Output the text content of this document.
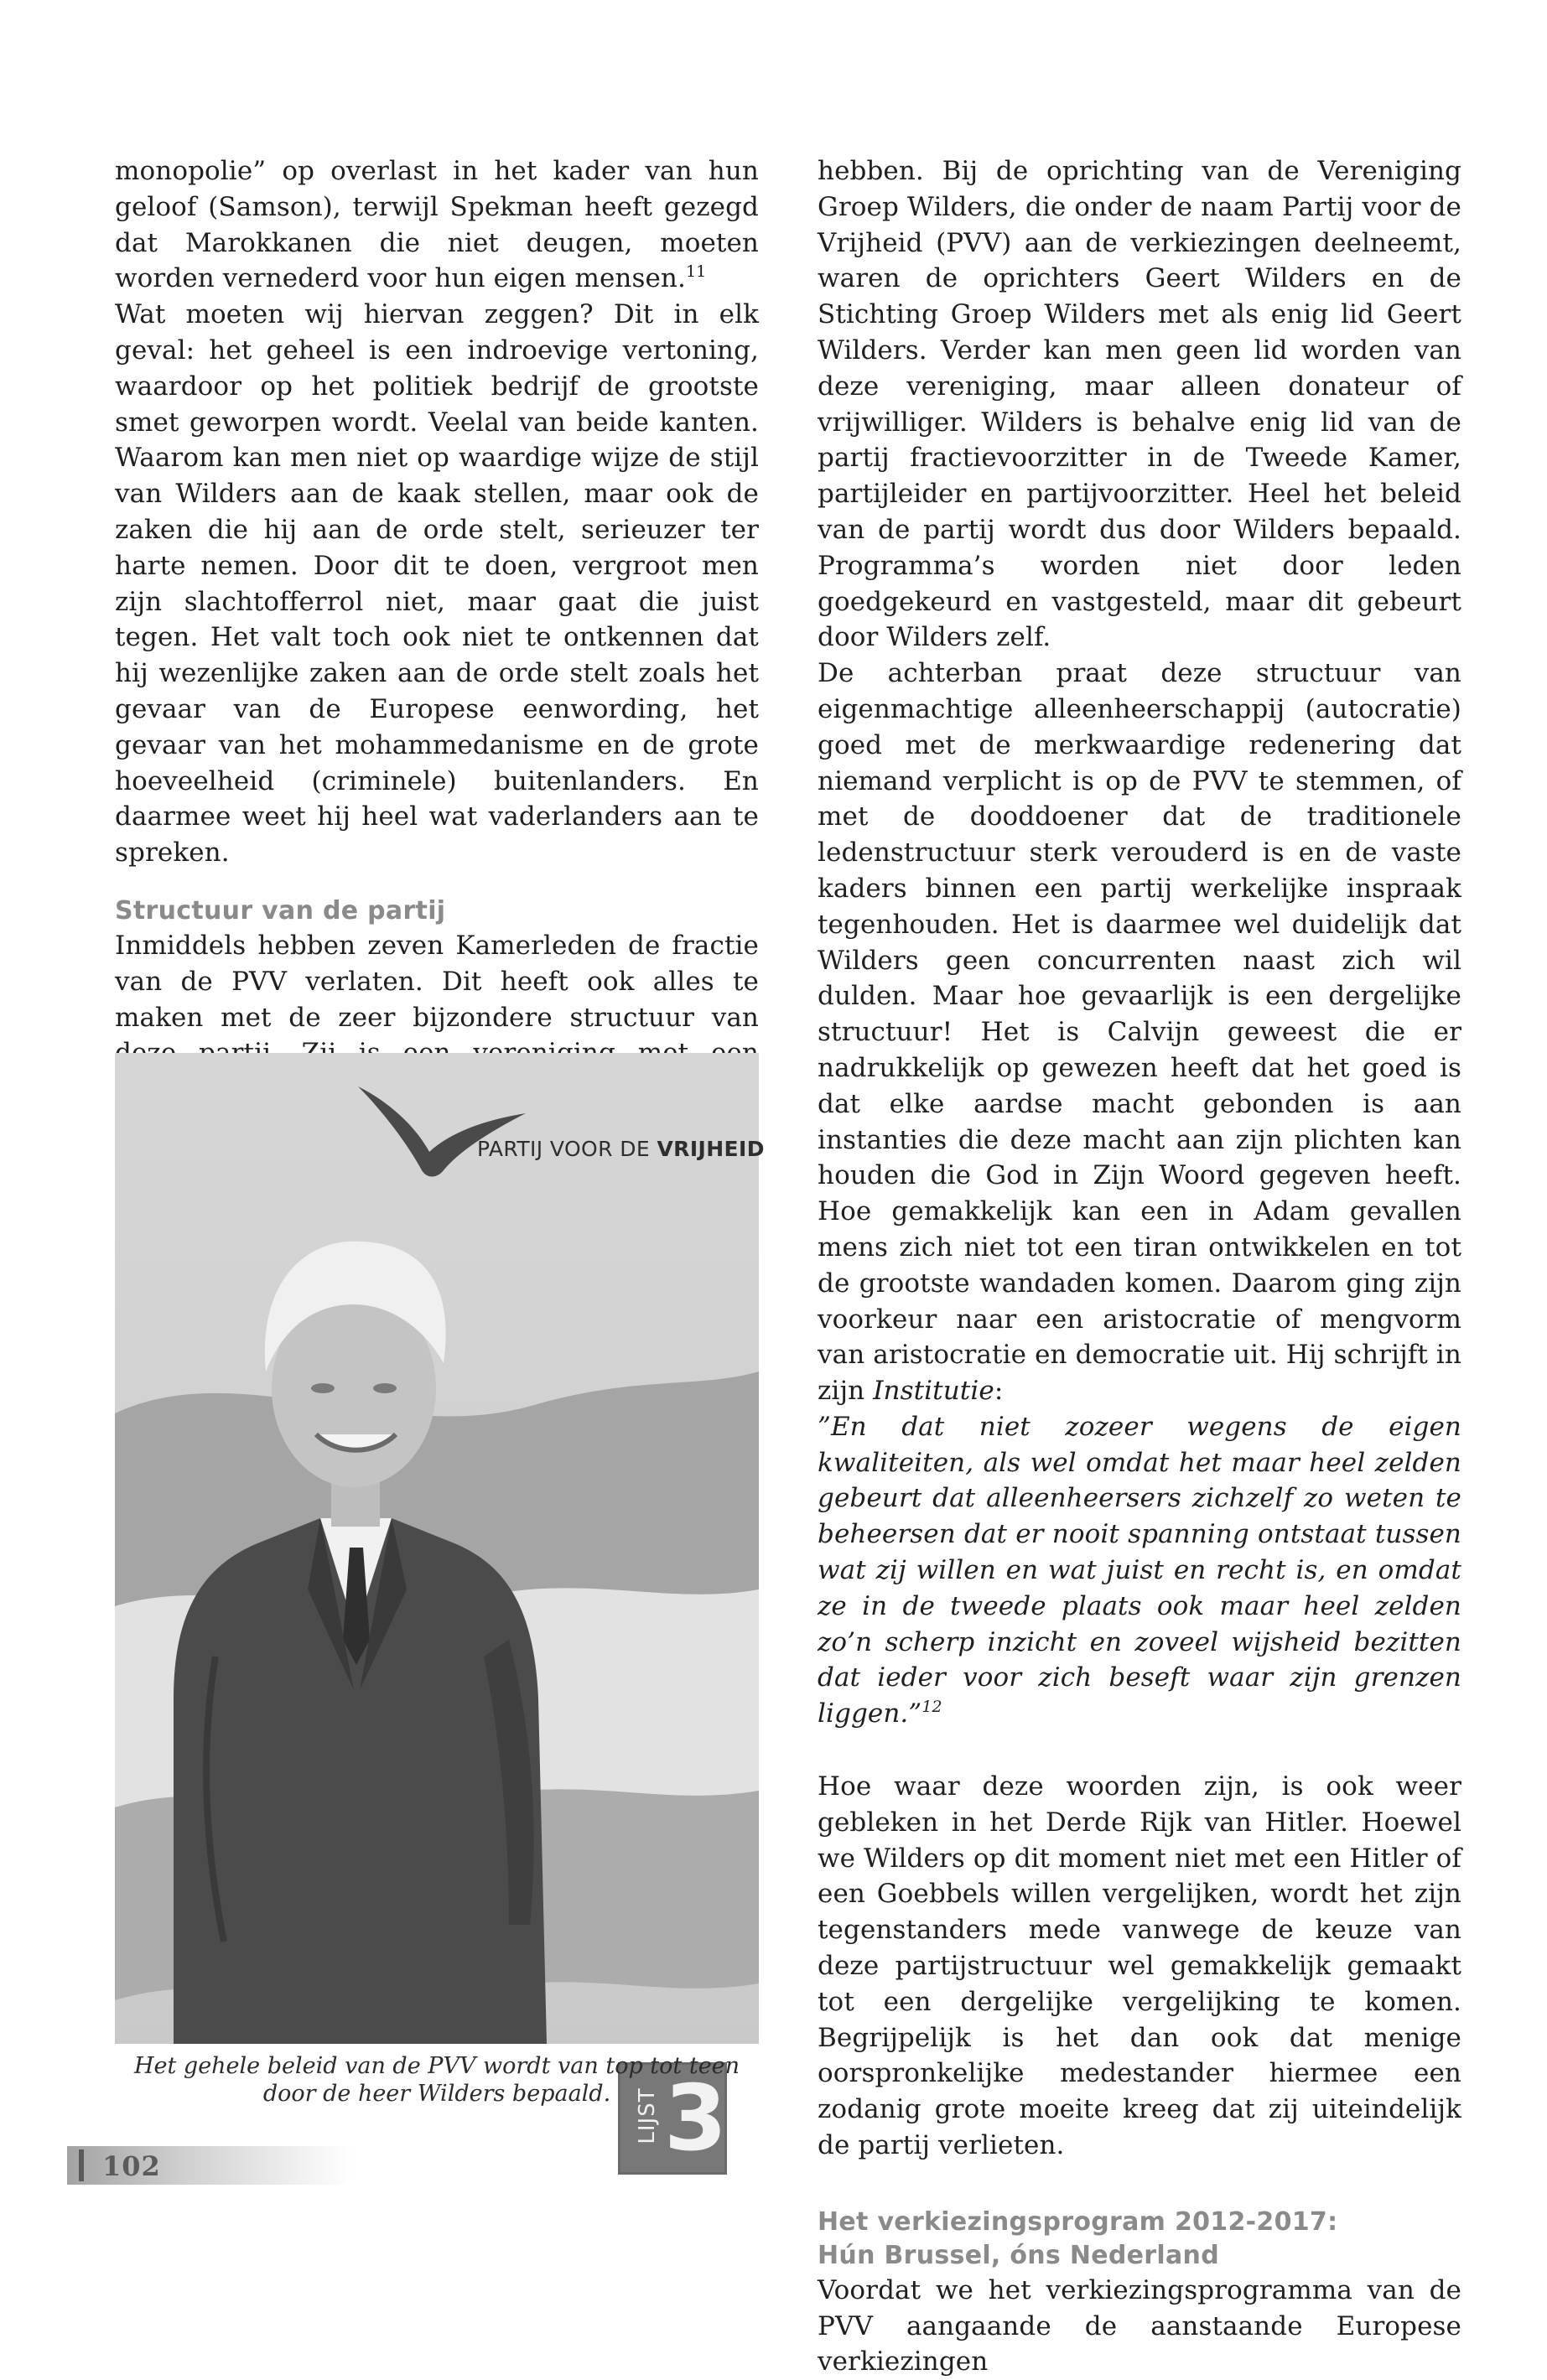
monopolie” op overlast in het kader van hun geloof (Samson), terwijl Spekman heeft gezegd dat Marokkanen die niet deugen, moeten worden vernederd voor hun eigen mensen.$^{11}$

Wat moeten wij hiervan zeggen? Dit in elk geval: het geheel is een indroevige vertoning, waardoor op het politiek bedrijf de grootste smet geworpen wordt. Veelal van beide kanten. Waarom kan men niet op waardige wijze de stijl van Wilders aan de kaak stellen, maar ook de zaken die hij aan de orde stelt, serieuzer ter harte nemen. Door dit te doen, vergroot men zijn slachtofferrol niet, maar gaat die juist tegen. Het valt toch ook niet te ontkennen dat hij wezenlijke zaken aan de orde stelt zoals het gevaar van de Europese eenwording, het gevaar van het mohammedanisme en de grote hoeveelheid (criminele) buitenlanders. En daarmee weet hij heel wat vaderlanders aan te spreken.

Structuur van de partij

Inmiddels hebben zeven Kamerleden de fractie van de PVV verlaten. Dit heeft ook alles te maken met de zeer bijzondere structuur van

PARTIJ VOOR DE VRIJHEID
LIJST 3
Het gehele beleid van de PVV wordt van top tot teen door de heer Wilders bepaald.

hebben. Bij de oprichting van de Vereniging Groep Wilders, die onder de naam Partij voor de Vrijheid (PVV) aan de verkiezingen deelneemt, waren de oprichters Geert Wilders en de Stichting Groep Wilders met als enig lid Geert Wilders. Verder kan men geen lid worden van deze vereniging, maar alleen donateur of vrijwilliger. Wilders is behalve enig lid van de partij fractievoorzitter in de Tweede Kamer, partijleider en partijvoorzitter. Heel het beleid van de partij wordt dus door Wilders bepaald. Programma’s worden niet door leden goedgekeurd en vastgesteld, maar dit gebeurt door Wilders zelf.

De achterban praat deze structuur van eigenmachtige alleenheerschappij (autocratie) goed met de merkwaardige redenering dat niemand verplicht is op de PVV te stemmen, of met de dooddoener dat de traditionele ledenstructuur sterk verouderd is en de vaste kaders binnen een partij werkelijke inspraak tegenhouden. Het is daarmee wel duidelijk dat Wilders geen concurrenten naast zich wil dulden. Maar hoe gevaarlijk is een dergelijke structuur! Het is Calvijn geweest die er nadrukkelijk op gewezen heeft dat het goed is dat elke aardse macht gebonden is aan instanties die deze macht aan zijn plichten kan houden die God in Zijn Woord gegeven heeft. Hoe gemakkelijk kan een in Adam gevallen mens zich niet tot een tiran ontwikkelen en tot de grootste wandaden komen. Daarom ging zijn voorkeur naar een aristocratie of mengvorm van aristocratie en democratie uit. Hij schrijft in zijn Institutie:

”En dat niet zozeer wegens de eigen kwaliteiten, als wel omdat het maar heel zelden gebeurt dat alleenheersers zichzelf zo weten te beheersen dat er nooit spanning ontstaat tussen wat zij willen en wat juist en recht is, en omdat ze in de tweede plaats ook maar heel zelden zo’n scherp inzicht en zoveel wijsheid bezitten dat ieder voor zich beseft waar zijn grenzen liggen.”$^{12}$

Hoe waar deze woorden zijn, is ook weer gebleken in het Derde Rijk van Hitler. Hoewel we Wilders op dit moment niet met een Hitler of een Goebbels willen vergelijken, wordt het zijn tegenstanders mede vanwege de keuze van deze partijstructuur wel gemakkelijk gemaakt tot een dergelijke vergelijking te komen. Begrijpelijk is het dan ook dat menige oorspronkelijke medestander hiermee een zodanig grote moeite kreeg dat zij uiteindelijk de partij verlieten.

Het verkiezingsprogram 2012-2017:
Hún Brussel, óns Nederland

Voordat we het verkiezingsprogramma van de PVV aangaande de aanstaande Europese verkiezingen

102
